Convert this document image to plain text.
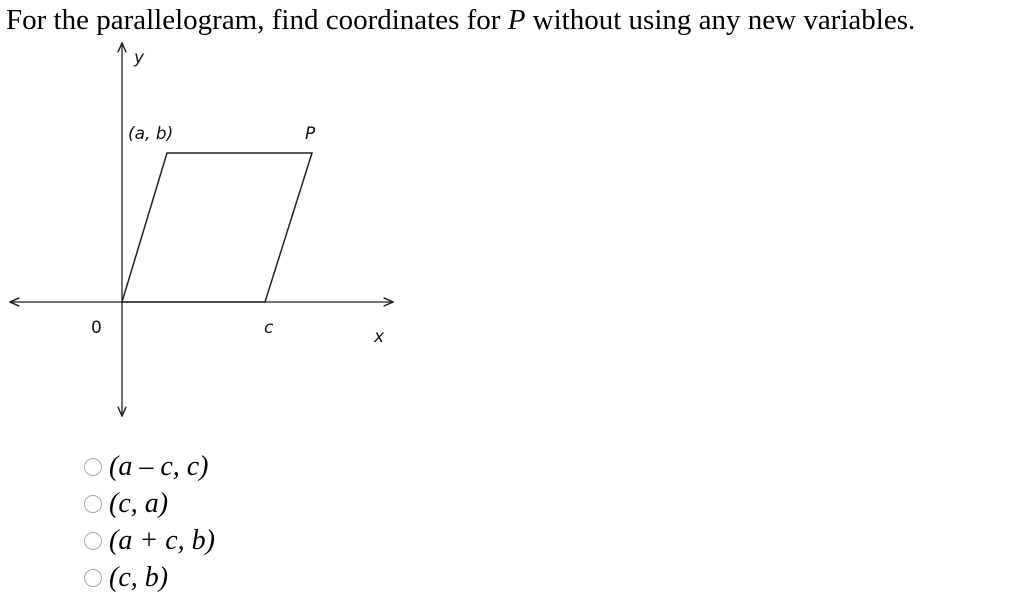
For the parallelogram, find coordinates for P without using any new variables.
y
(a, b)	P
0	c	x
(a – c, c)
(c, a)
(a + c, b)
(c, b)
